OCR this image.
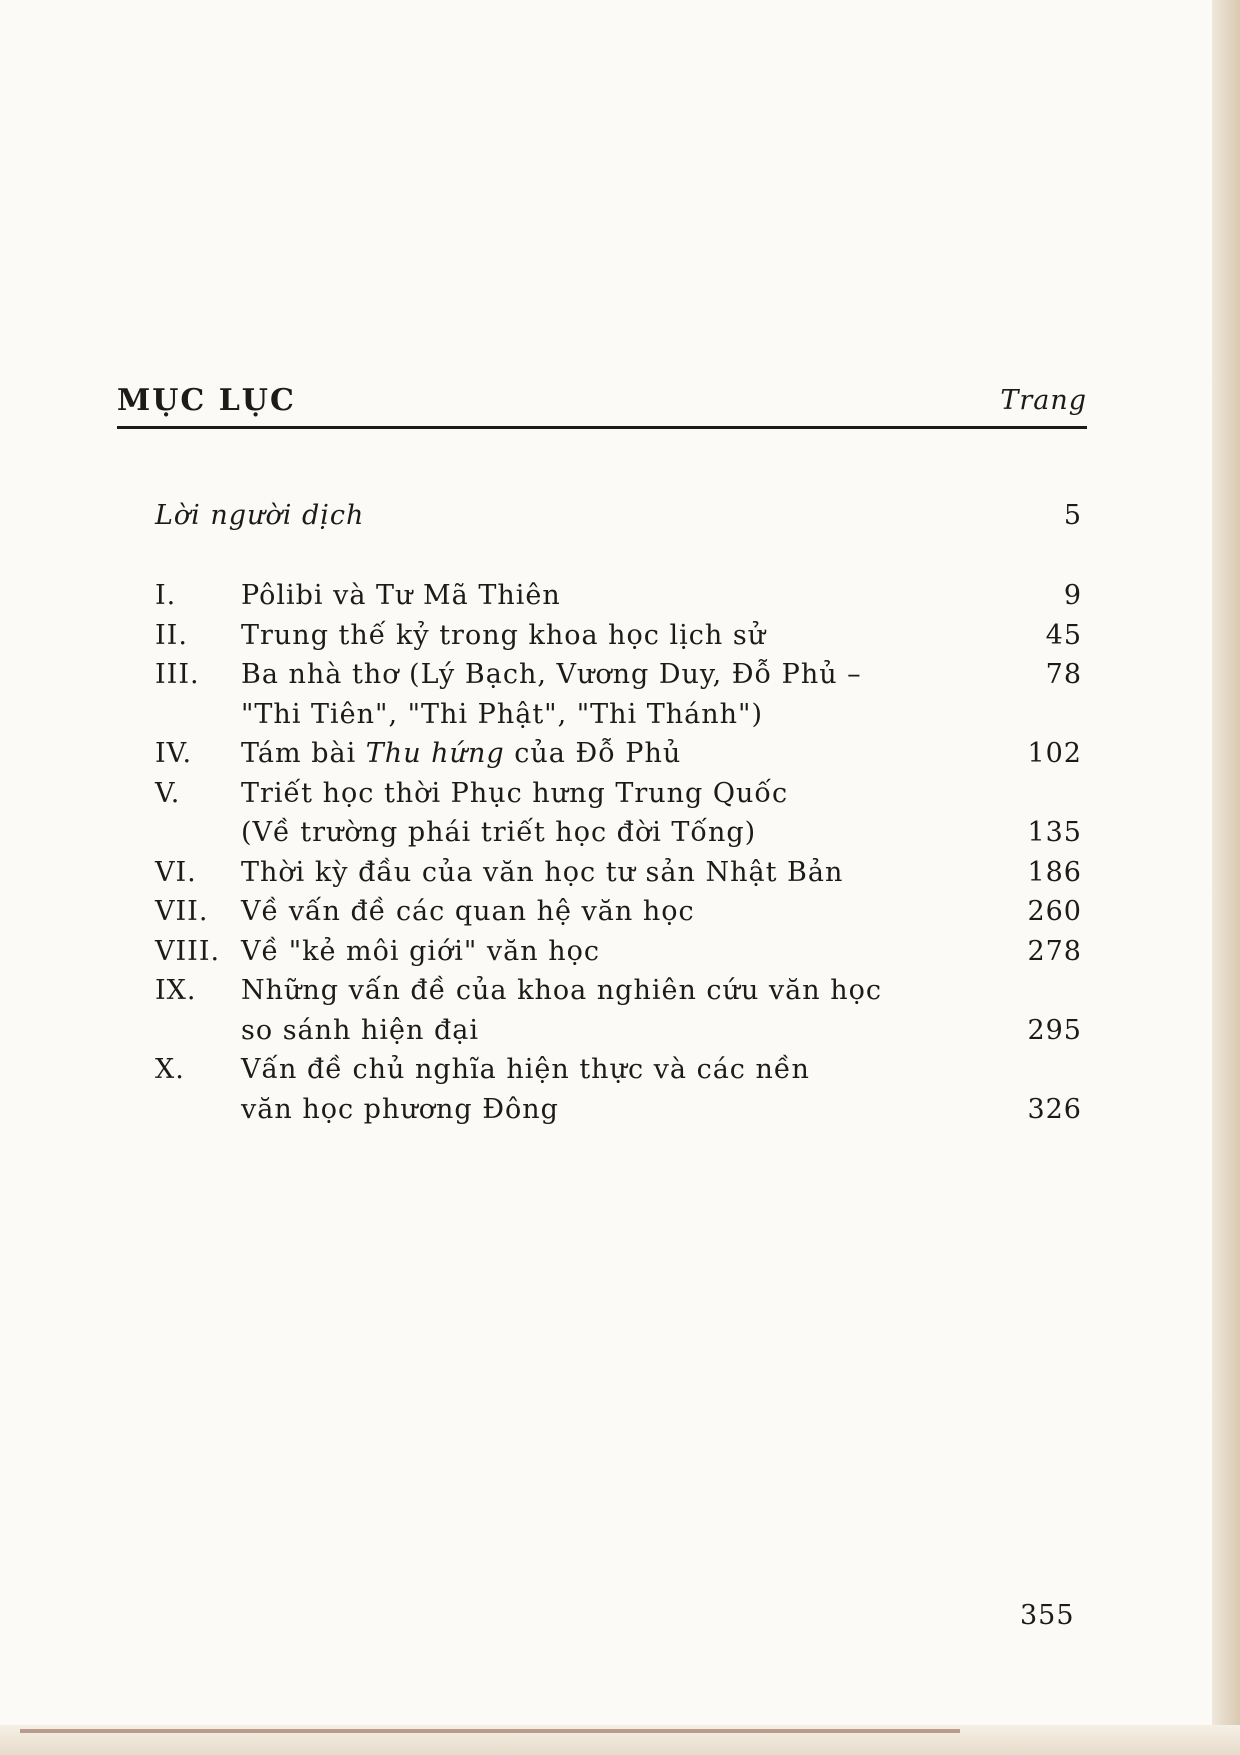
MỤC LỤC	Trang
Lời người dịch	5
I. Pôlibi và Tư Mã Thiên	9
II. Trung thế kỷ trong khoa học lịch sử	45
III. Ba nhà thơ (Lý Bạch, Vương Duy, Đỗ Phủ –	78
"Thi Tiên", "Thi Phật", "Thi Thánh")
IV. Tám bài Thu hứng của Đỗ Phủ	102
V. Triết học thời Phục hưng Trung Quốc
(Về trường phái triết học đời Tống)	135
VI. Thời kỳ đầu của văn học tư sản Nhật Bản	186
VII. Về vấn đề các quan hệ văn học	260
VIII. Về "kẻ môi giới" văn học	278
IX. Những vấn đề của khoa nghiên cứu văn học
so sánh hiện đại	295
X. Vấn đề chủ nghĩa hiện thực và các nền
văn học phương Đông	326
355
